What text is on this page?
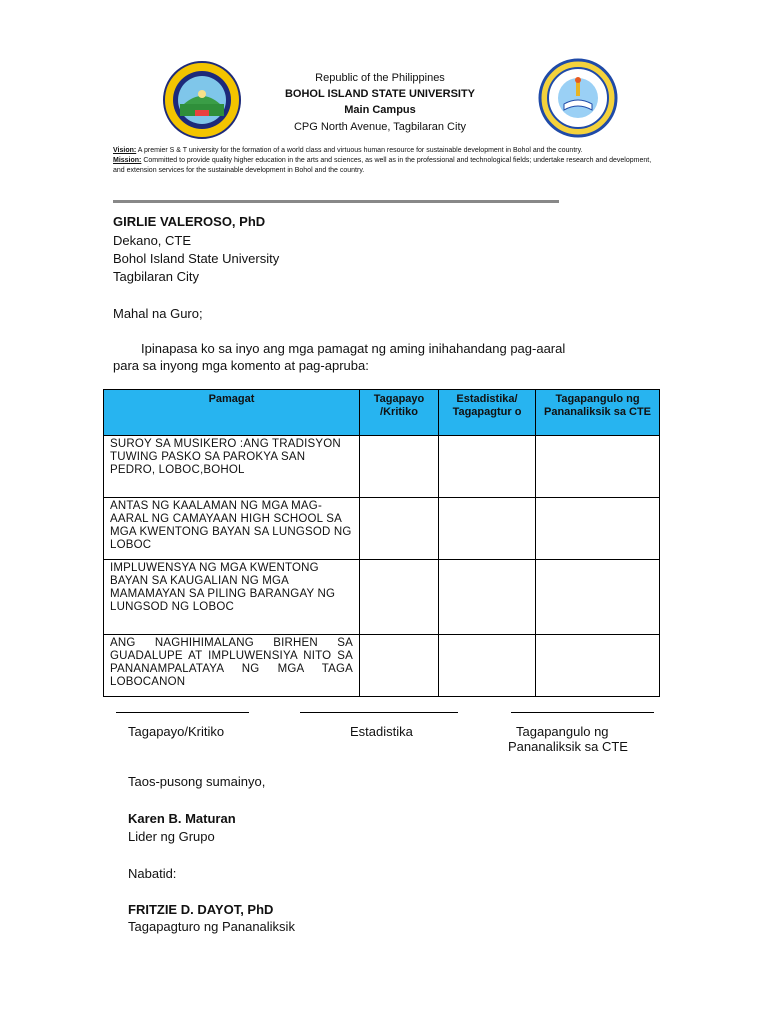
Republic of the Philippines
BOHOL ISLAND STATE UNIVERSITY
Main Campus
CPG North Avenue, Tagbilaran City
Vision: A premier S & T university for the formation of a world class and virtuous human resource for sustainable development in Bohol and the country.
Mission: Committed to provide quality higher education in the arts and sciences, as well as in the professional and technological fields; undertake research and development, and extension services for the sustainable development in Bohol and the country.
GIRLIE VALEROSO, PhD
Dekano, CTE
Bohol Island State University
Tagbilaran City
Mahal na Guro;
Ipinapasa ko sa inyo ang mga pamagat ng aming inihahandang pag-aaral
para sa inyong mga komento at pag-apruba:
Pamagat	Tagapayo /Kritiko	Estadistika/ Tagapagtur o	Tagapangulo ng Pananaliksik sa CTE
SUROY SA MUSIKERO :ANG TRADISYON TUWING PASKO SA PAROKYA SAN PEDRO, LOBOC,BOHOL			
ANTAS NG KAALAMAN NG MGA MAG-AARAL NG CAMAYAAN HIGH SCHOOL SA MGA KWENTONG BAYAN SA LUNGSOD NG LOBOC			
IMPLUWENSYA NG MGA KWENTONG BAYAN SA KAUGALIAN NG MGA MAMAMAYAN SA PILING BARANGAY NG LUNGSOD NG LOBOC			
ANG NAGHIHIMALANG BIRHEN SA GUADALUPE AT IMPLUWENSIYA NITO SA PANANAMPALATAYA NG MGA TAGA LOBOCANON			
Tagapayo/Kritiko	Estadistika	Tagapangulo ng
Pananaliksik sa CTE
Taos-pusong sumainyo,
Karen B. Maturan
Lider ng Grupo
Nabatid:
FRITZIE D. DAYOT, PhD
Tagapagturo ng Pananaliksik
